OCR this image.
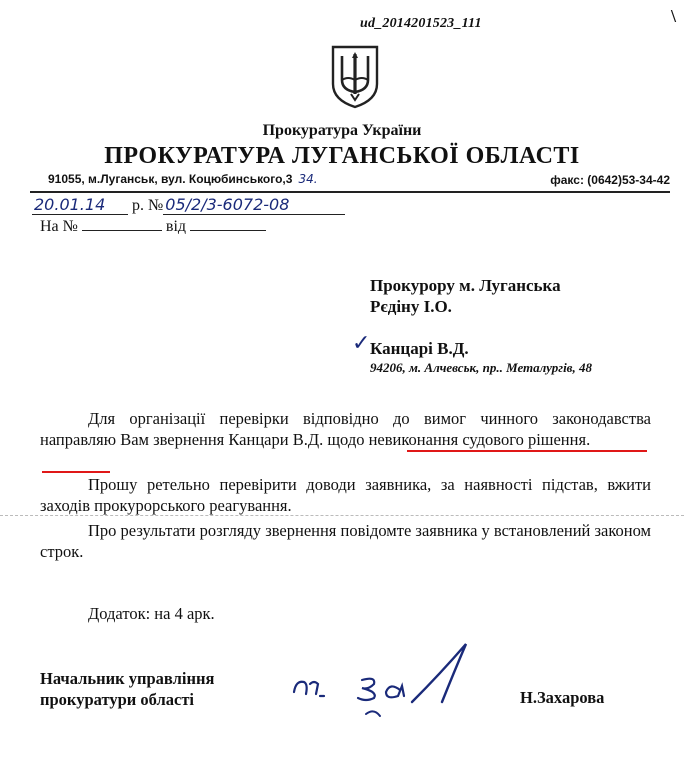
ud_2014201523_111	\
Прокуратура України
ПРОКУРАТУРА ЛУГАНСЬКОЇ ОБЛАСТІ
91055, м.Луганськ, вул. Коцюбинського,3 34.	факс: (0642)53-34-42
20.01.14 р. № 05/2/3-6072-08
На №	від
Прокурору м. Луганська
Рєдіну І.О.
✓ Канцарі В.Д.
94206, м. Алчевськ, пр.. Металургів, 48
Для організації перевірки відповідно до вимог чинного законодавства направляю Вам звернення Канцари В.Д. щодо невиконання судового рішення.
Прошу ретельно перевірити доводи заявника, за наявності підстав, вжити заходів прокурорського реагування.
Про результати розгляду звернення повідомте заявника у встановлений законом строк.
Додаток: на 4 арк.
Начальник управління
прокуратури області	Н.Захарова
